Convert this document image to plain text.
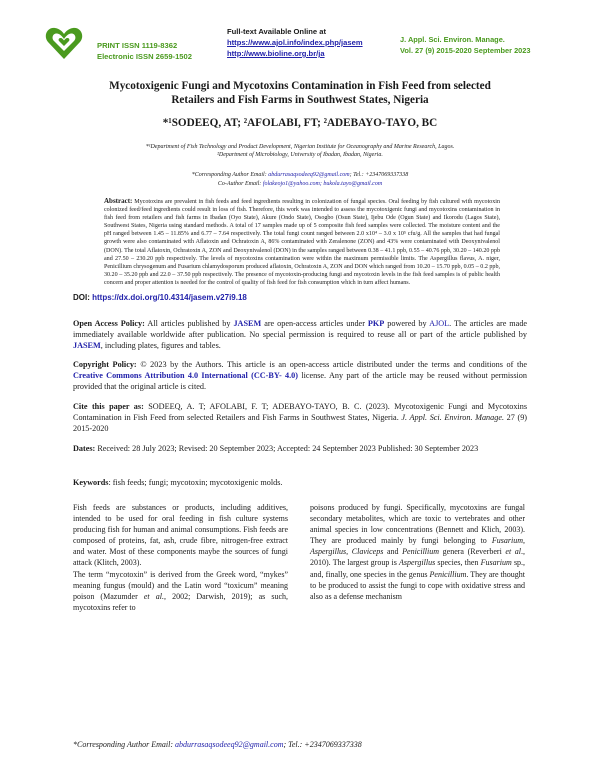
PRINT ISSN 1119-8362
Electronic ISSN 2659-1502
Full-text Available Online at
https://www.ajol.info/index.php/jasem
http://www.bioline.org.br/ja
J. Appl. Sci. Environ. Manage.
Vol. 27 (9) 2015-2020 September 2023
Mycotoxigenic Fungi and Mycotoxins Contamination in Fish Feed from selected
Retailers and Fish Farms in Southwest States, Nigeria
*¹SODEEQ, AT; ²AFOLABI, FT; ²ADEBAYO-TAYO, BC
*¹Department of Fish Technology and Product Development, Nigerian Institute for Oceanography and Marine Research, Lagos.
²Department of Microbiology, University of Ibadan, Ibadan, Nigeria.
*Corresponding Author Email: abdurrasaqsodeeq92@gmail.com; Tel.: +2347069337338
Co-Author Email: folakeojo1@yahoo.com; bukola.tayo@gmail.com
Abstract: Mycotoxins are prevalent in fish feeds and feed ingredients resulting in colonization of fungal species. Oral feeding by fish cultured with mycotoxin colonized feed/feed ingredients could result in loss of fish. Therefore, this work was intended to assess the mycotoxigenic fungi and mycotoxins contamination in fish feed from retailers and fish farms in Ibadan (Oyo State), Akure (Ondo State), Osogbo (Osun State), Ijebu Ode (Ogun State) and Ikorodu (Lagos State), Southwest States, Nigeria using standard methods. A total of 17 samples made up of 5 composite fish feed samples were collected. The moisture content and the pH ranged between 1.45 – 11.85% and 6.77 – 7.64 respectively. The total fungi count ranged between 2.0 x10⁴ – 3.0 x 10⁵ cfu/g. All the samples that had fungal growth were also contaminated with Aflatoxin and Ochratoxin A, 86% contaminated with Zeralenone (ZON) and 43% were contaminated with Deoxynivalenol (DON). The total Aflatoxin, Ochratoxin A, ZON and Deoxynivalenol (DON) in the samples ranged between 0.38 – 41.1 ppb, 0.55 – 40.76 ppb, 30.20 – 140.20 ppb and 27.50 – 230.20 ppb respectively. The levels of mycotoxins contamination were within the maximum permissible limits. The Aspergillus flavus, A. niger, Penicillium chrysogenum and Fusarium chlamydosporum produced aflatoxin, Ochratoxin A, ZON and DON which ranged from 10.20 – 15.70 ppb, 0.05 – 0.2 ppb, 30.20 – 35.20 ppb and 22.0 – 37.50 ppb respectively. The presence of mycotoxin-producing fungi and mycotoxin levels in the fish feed samples is of public health concern and proper attention is needed for the control of quality of fish feed for fish consumption which in turn affect humans.
DOI: https://dx.doi.org/10.4314/jasem.v27i9.18
Open Access Policy: All articles published by JASEM are open-access articles under PKP powered by AJOL. The articles are made immediately available worldwide after publication. No special permission is required to reuse all or part of the article published by JASEM, including plates, figures and tables.
Copyright Policy: © 2023 by the Authors. This article is an open-access article distributed under the terms and conditions of the Creative Commons Attribution 4.0 International (CC-BY- 4.0) license. Any part of the article may be reused without permission provided that the original article is cited.
Cite this paper as: SODEEQ, A. T; AFOLABI, F. T; ADEBAYO-TAYO, B. C. (2023). Mycotoxigenic Fungi and Mycotoxins Contamination in Fish Feed from selected Retailers and Fish Farms in Southwest States, Nigeria. J. Appl. Sci. Environ. Manage. 27 (9) 2015-2020
Dates: Received: 28 July 2023; Revised: 20 September 2023; Accepted: 24 September 2023 Published: 30 September 2023
Keywords: fish feeds; fungi; mycotoxin; mycotoxigenic molds.

Fish feeds are substances or products, including additives, intended to be used for oral feeding in fish culture systems producing fish for human and animal consumptions. Fish feeds are composed of proteins, fat, ash, crude fibre, nitrogen-free extract and water. Most of these components maybe the sources of fungi attack (Klitch, 2003).

The term “mycotoxin” is derived from the Greek word, “mykes” meaning fungus (mould) and the Latin word “toxicum” meaning poison (Mazumder et al., 2002; Darwish, 2019); as such, mycotoxins refer to

poisons produced by fungi. Specifically, mycotoxins are fungal secondary metabolites, which are toxic to vertebrates and other animal species in low concentrations (Bennett and Klich, 2003). They are produced mainly by fungi belonging to Fusarium, Aspergillus, Claviceps and Penicillium genera (Reverberi et al., 2010). The largest group is Aspergillus species, then Fusarium sp., and, finally, one species in the genus Penicillium. They are thought to be produced to assist the fungi to cope with oxidative stress and also as a defense mechanism

*Corresponding Author Email: abdurrasaqsodeeq92@gmail.com; Tel.: +2347069337338
